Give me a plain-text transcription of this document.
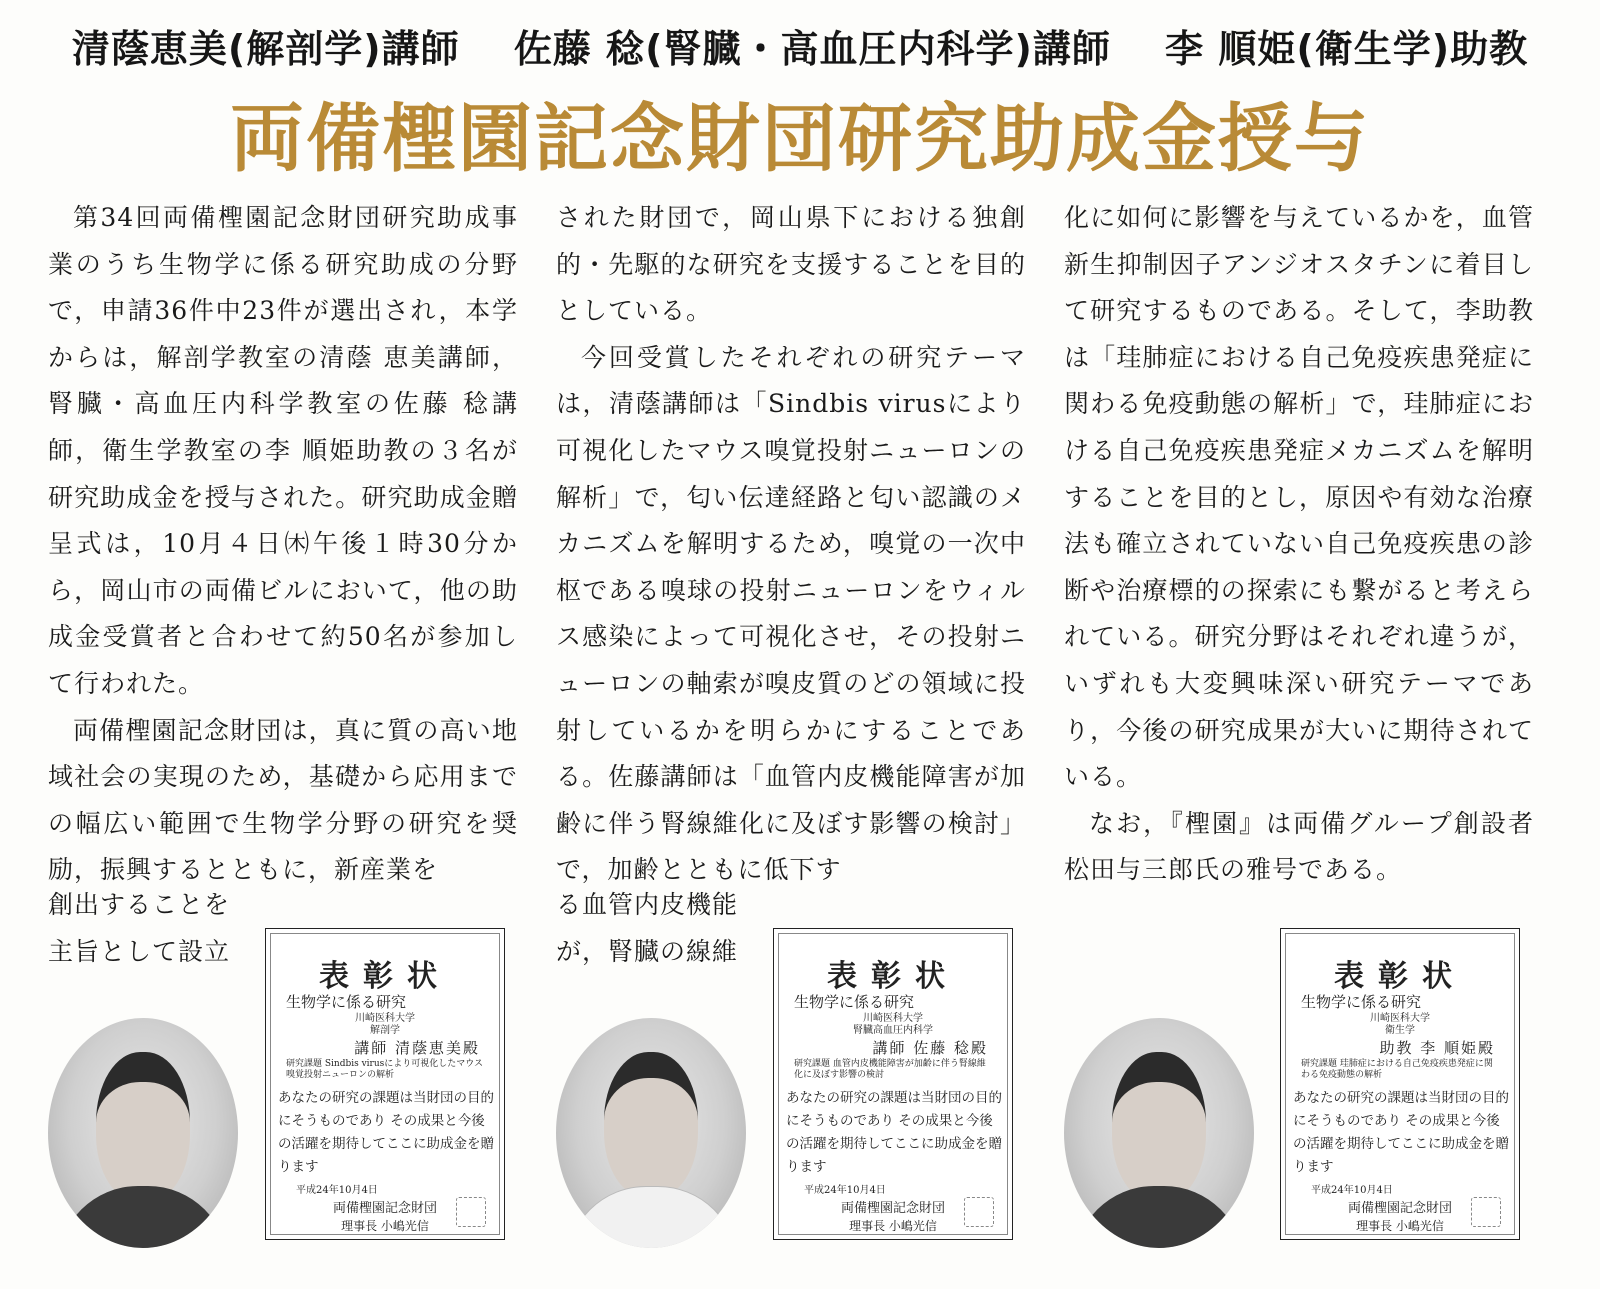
清蔭恵美(解剖学)講師 佐藤 稔(腎臓・高血圧内科学)講師 李 順姫(衛生学)助教
両備檉園記念財団研究助成金授与

第34回両備檉園記念財団研究助成事業のうち生物学に係る研究助成の分野で，申請36件中23件が選出され，本学からは，解剖学教室の清蔭 恵美講師，腎臓・高血圧内科学教室の佐藤 稔講師，衛生学教室の李 順姫助教の３名が研究助成金を授与された。研究助成金贈呈式は，10月４日㈭午後１時30分から，岡山市の両備ビルにおいて，他の助成金受賞者と合わせて約50名が参加して行われた。

両備檉園記念財団は，真に質の高い地域社会の実現のため，基礎から応用までの幅広い範囲で生物学分野の研究を奨励，振興するとともに，新産業を

創出することを
主旨として設立

された財団で，岡山県下における独創的・先駆的な研究を支援することを目的としている。

今回受賞したそれぞれの研究テーマは，清蔭講師は「Sindbis virusにより可視化したマウス嗅覚投射ニューロンの解析」で，匂い伝達経路と匂い認識のメカニズムを解明するため，嗅覚の一次中枢である嗅球の投射ニューロンをウィルス感染によって可視化させ，その投射ニューロンの軸索が嗅皮質のどの領域に投射しているかを明らかにすることである。佐藤講師は「血管内皮機能障害が加齢に伴う腎線維化に及ぼす影響の検討」で，加齢とともに低下す

る血管内皮機能
が，腎臓の線維

化に如何に影響を与えているかを，血管新生抑制因子アンジオスタチンに着目して研究するものである。そして，李助教は「珪肺症における自己免疫疾患発症に関わる免疫動態の解析」で，珪肺症における自己免疫疾患発症メカニズムを解明することを目的とし，原因や有効な治療法も確立されていない自己免疫疾患の診断や治療標的の探索にも繋がると考えられている。研究分野はそれぞれ違うが，いずれも大変興味深い研究テーマであり，今後の研究成果が大いに期待されている。

なお，『檉園』は両備グループ創設者松田与三郎氏の雅号である。

表彰状
生物学に係る研究
川崎医科大学
解剖学
講師 清蔭恵美殿
研究課題 Sindbis virusにより可視化したマウス嗅覚投射ニューロンの解析
あなたの研究の課題は当財団の目的にそうものであり その成果と今後の活躍を期待してここに助成金を贈ります
平成24年10月4日
両備檉園記念財団
理事長 小嶋光信
表彰状
生物学に係る研究
川崎医科大学
腎臓高血圧内科学
講師 佐藤 稔殿
研究課題 血管内皮機能障害が加齢に伴う腎線維化に及ぼす影響の検討
あなたの研究の課題は当財団の目的にそうものであり その成果と今後の活躍を期待してここに助成金を贈ります
平成24年10月4日
両備檉園記念財団
理事長 小嶋光信
表彰状
生物学に係る研究
川崎医科大学
衛生学
助教 李 順姫殿
研究課題 珪肺症における自己免疫疾患発症に関わる免疫動態の解析
あなたの研究の課題は当財団の目的にそうものであり その成果と今後の活躍を期待してここに助成金を贈ります
平成24年10月4日
両備檉園記念財団
理事長 小嶋光信
